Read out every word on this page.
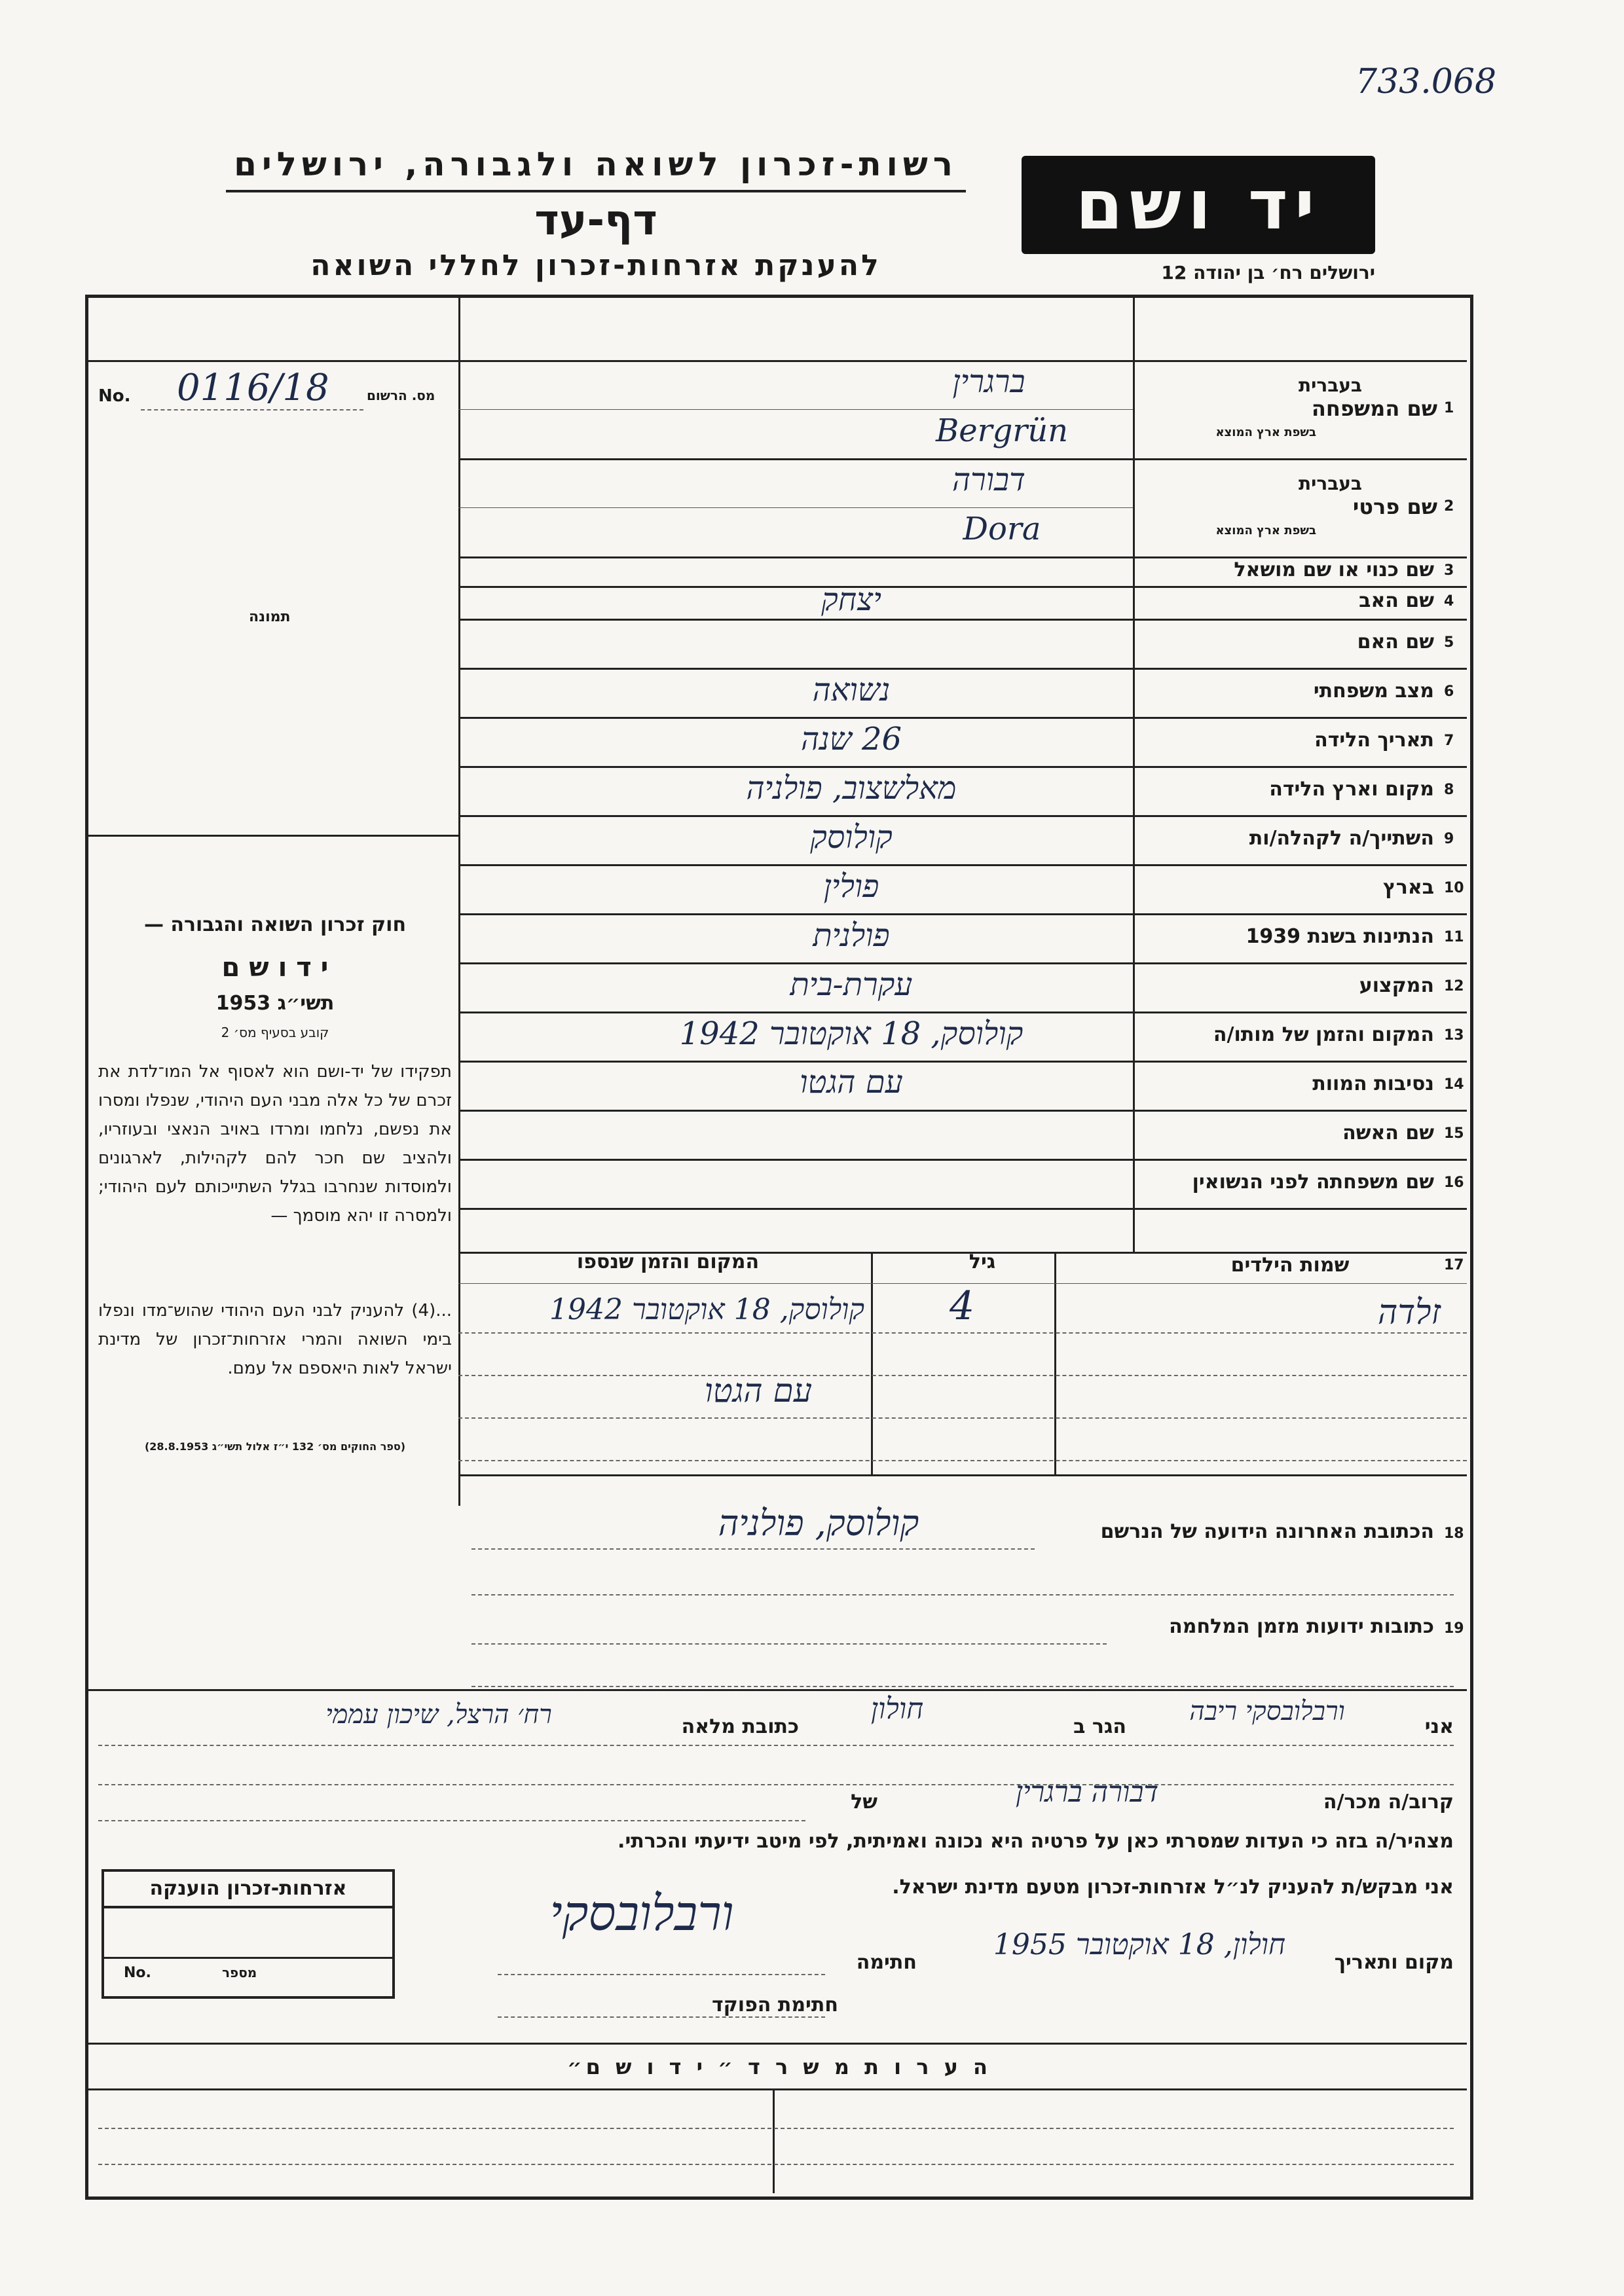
733.068
רשות-זכרון לשואה ולגבורה, ירושלים
דף-עד
להענקת אזרחות-זכרון לחללי השואה
יד ושם
ירושלים רח׳ בן יהודה 12
מס. הרשום
No. 0116/18
תמונה
חוק זכרון השואה והגבורה —
י ד ו ש ם
תשי״ג 1953
קובע בסעיף מס׳ 2
תפקידו של יד-ושם הוא לאסוף אל המו־לדת את זכרם של כל אלה מבני העם היהודי, שנפלו ומסרו את נפשם, נלחמו ומרדו באויב הנאצי ובעוזריו, ולהציב שם חכר להם לקהילות, לארגונים ולמוסדות שנחרבו בגלל השתייכותם לעם היהודי; ולמסרה זו יהא מוסמך —
...(4) להעניק לבני העם היהודי שהוש־מדו ונפלו בימי השואה והמרי אזרחות־זכרון של מדינת ישראל לאות היאספם אל עמם.
(ספר החוקים מס׳ 132 י״ז אלול תשי״ג 28.8.1953)
1
בעברית
שם המשפחה
בשפת ארץ המוצא
ברגרין
Bergrün
2
בעברית
שם פרטי
בשפת ארץ המוצא
דבורה
Dora
3
שם כנוי או שם מושאל
4
שם האב
יצחק
5
שם האם
6
מצב משפחתי
נשואה
7
תאריך הלידה
26 שנה
8
מקום וארץ הלידה
מאלשצוב, פולניה
9
השתייך/ה לקהלה/ות
קולוסק
10
בארץ
פולין
11
הנתינות בשנת 1939
פולנית
12
המקצוע
עקרת-בית
13
המקום והזמן של מותו/ה
קולוסק, 18 אוקטובר 1942
עם הגטו	14
נסיבות המוות
15
שם האשה
16
שם משפחתה לפני הנשואין
17
שמות הילדים
גיל
המקום והזמן שנספו
זלדה
4
קולוסק, 18 אוקטובר 1942
עם הגטו
18
הכתובת האחרונה הידועה של הנרשם
קולוסק, פולניה
19
כתובות ידועות מזמן המלחמה
אני
ורבלובסקי ריבה
הגר ב
חולון
כתובת מלאה
רח׳ הרצל, שיכון עממי
קרוב/ה מכר/ה
דבורה ברגרין
של
מצהיר/ה בזה כי העדות שמסרתי כאן על פרטיה היא נכונה ואמיתית, לפי מיטב ידיעתי והכרתי.
אני מבקש/ת להעניק לנ״ל אזרחות-זכרון מטעם מדינת ישראל.
מקום ותאריך
חולון, 18 אוקטובר 1955
חתימה
ורבלובסקי
חתימת הפוקד
אזרחות-זכרון הוענקה
No.	מספר
ה ע ר ו ת מ ש ר ד ״ י ד ו ש ם״
